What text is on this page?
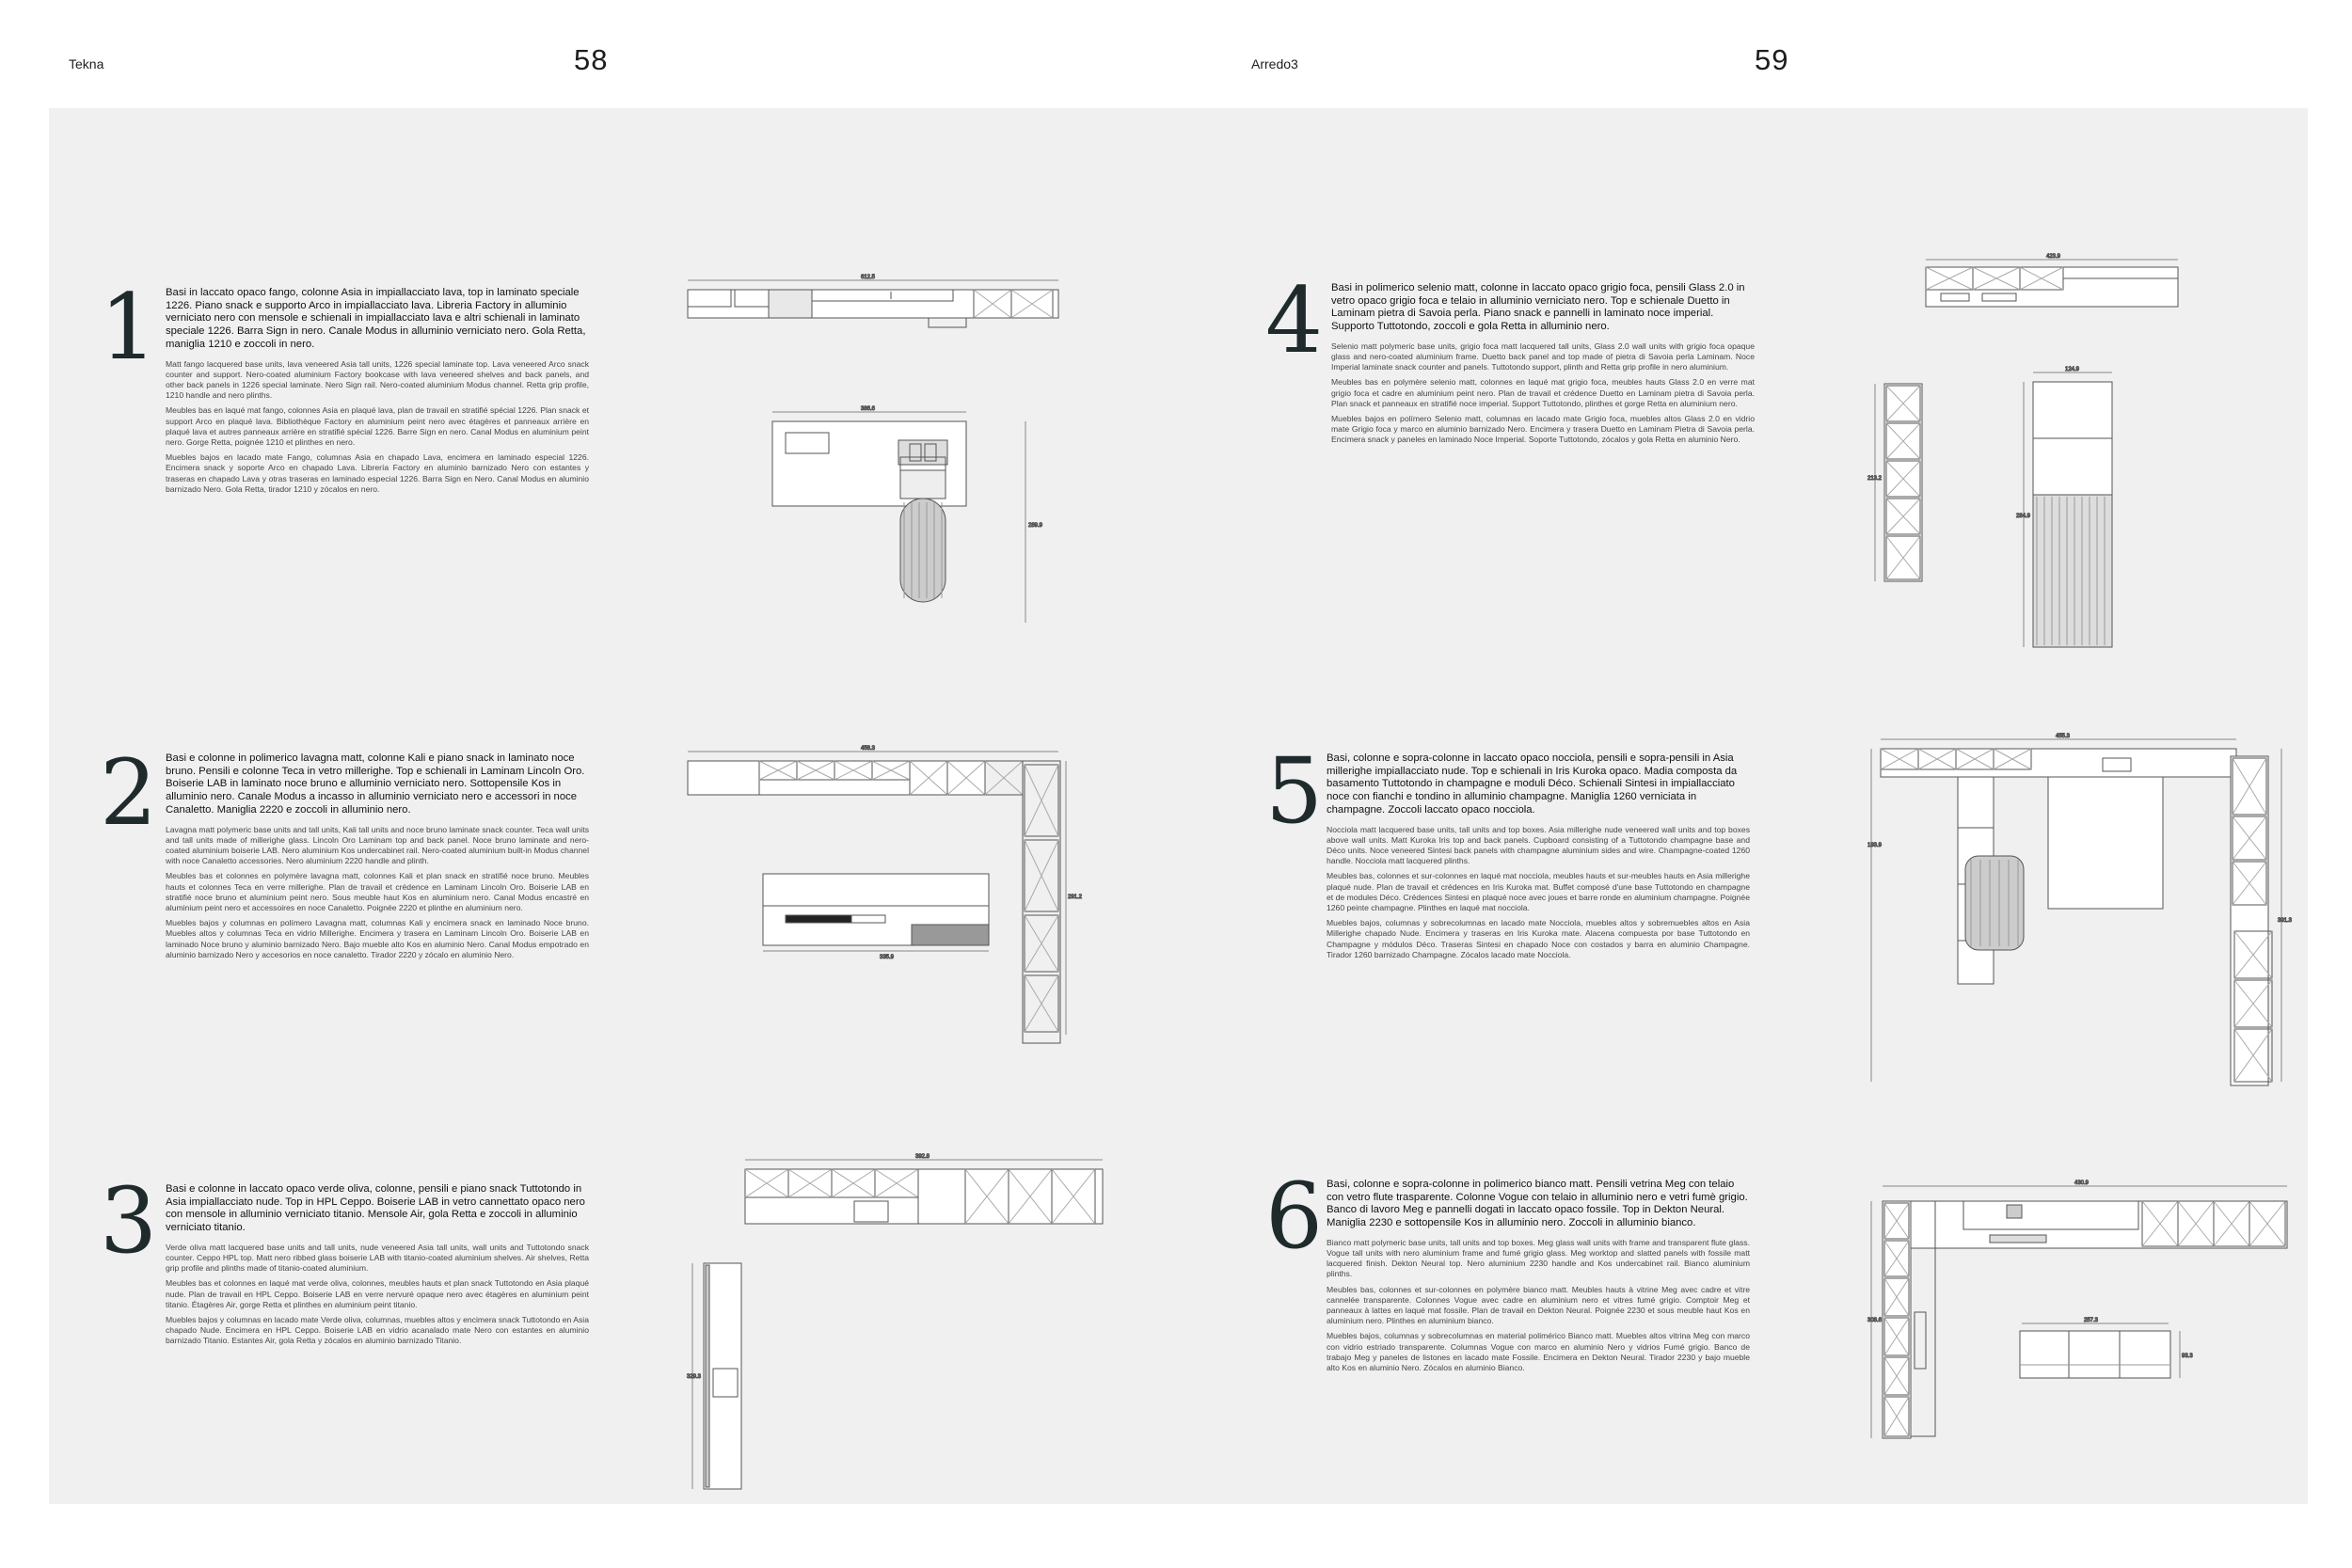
Tekna	58	Arredo3	59
1 Basi in laccato opaco fango, colonne Asia in impiallacciato lava, top in laminato speciale 1226. Piano snack e supporto Arco in impiallacciato lava. Libreria Factory in alluminio verniciato nero con mensole e schienali in impiallacciato lava e altri schienali in laminato speciale 1226. Barra Sign in nero. Canale Modus in alluminio verniciato nero. Gola Retta, maniglia 1210 e zoccoli in nero.

Matt fango lacquered base units, lava veneered Asia tall units, 1226 special laminate top. Lava veneered Arco snack counter and support. Nero-coated aluminium Factory bookcase with lava veneered shelves and back panels, and other back panels in 1226 special laminate. Nero Sign rail. Nero-coated aluminium Modus channel. Retta grip profile, 1210 handle and nero plinths.

Meubles bas en laqué mat fango, colonnes Asia en plaqué lava, plan de travail en stratifié spécial 1226. Plan snack et support Arco en plaqué lava. Bibliothèque Factory en aluminium peint nero avec étagères et panneaux arrière en plaqué lava et autres panneaux arrière en stratifié spécial 1226. Barre Sign en nero. Canal Modus en aluminium peint nero. Gorge Retta, poignée 1210 et plinthes en nero.

Muebles bajos en lacado mate Fango, columnas Asia en chapado Lava, encimera en laminado especial 1226. Encimera snack y soporte Arco en chapado Lava. Librería Factory en aluminio barnizado Nero con estantes y traseras en chapado Lava y otras traseras en laminado especial 1226. Barra Sign en Nero. Canal Modus en aluminio barnizado Nero. Gola Retta, tirador 1210 y zócalos en nero.

612.5
386.6
289.9
2 Basi e colonne in polimerico lavagna matt, colonne Kali e piano snack in laminato noce bruno. Pensili e colonne Teca in vetro millerighe. Top e schienali in Laminam Lincoln Oro. Boiserie LAB in laminato noce bruno e alluminio verniciato nero. Sottopensile Kos in alluminio nero. Canale Modus a incasso in alluminio verniciato nero e accessori in noce Canaletto. Maniglia 2220 e zoccoli in alluminio nero.

Lavagna matt polymeric base units and tall units, Kali tall units and noce bruno laminate snack counter. Teca wall units and tall units made of millerighe glass. Lincoln Oro Laminam top and back panel. Noce bruno laminate and nero-coated aluminium boiserie LAB. Nero aluminium Kos undercabinet rail. Nero-coated aluminium built-in Modus channel with noce Canaletto accessories. Nero aluminium 2220 handle and plinth.

Meubles bas et colonnes en polymère lavagna matt, colonnes Kali et plan snack en stratifié noce bruno. Meubles hauts et colonnes Teca en verre millerighe. Plan de travail et crédence en Laminam Lincoln Oro. Boiserie LAB en stratifié noce bruno et aluminium peint nero. Sous meuble haut Kos en aluminium nero. Canal Modus encastré en aluminium peint nero et accessoires en noce Canaletto. Poignée 2220 et plinthe en aluminium nero.

Muebles bajos y columnas en polímero Lavagna matt, columnas Kali y encimera snack en laminado Noce bruno. Muebles altos y columnas Teca en vidrio Millerighe. Encimera y trasera en Laminam Lincoln Oro. Boiserie LAB en laminado Noce bruno y aluminio barnizado Nero. Bajo mueble alto Kos en aluminio Nero. Canal Modus empotrado en aluminio barnizado Nero y accesorios en noce canaletto. Tirador 2220 y zócalo en aluminio Nero.

458.3
291.2
335.9
3 Basi e colonne in laccato opaco verde oliva, colonne, pensili e piano snack Tuttotondo in Asia impiallacciato nude. Top in HPL Ceppo. Boiserie LAB in vetro cannettato opaco nero con mensole in alluminio verniciato titanio. Mensole Air, gola Retta e zoccoli in alluminio verniciato titanio.

Verde oliva matt lacquered base units and tall units, nude veneered Asia tall units, wall units and Tuttotondo snack counter. Ceppo HPL top. Matt nero ribbed glass boiserie LAB with titanio-coated aluminium shelves. Air shelves, Retta grip profile and plinths made of titanio-coated aluminium.

Meubles bas et colonnes en laqué mat verde oliva, colonnes, meubles hauts et plan snack Tuttotondo en Asia plaqué nude. Plan de travail en HPL Ceppo. Boiserie LAB en verre nervuré opaque nero avec étagères en aluminium peint titanio. Étagères Air, gorge Retta et plinthes en aluminium peint titanio.

Muebles bajos y columnas en lacado mate Verde oliva, columnas, muebles altos y encimera snack Tuttotondo en Asia chapado Nude. Encimera en HPL Ceppo. Boiserie LAB en vidrio acanalado mate Nero con estantes en aluminio barnizado Titanio. Estantes Air, gola Retta y zócalos en aluminio barnizado Titanio.

392.8
329.3
4 Basi in polimerico selenio matt, colonne in laccato opaco grigio foca, pensili Glass 2.0 in vetro opaco grigio foca e telaio in alluminio verniciato nero. Top e schienale Duetto in Laminam pietra di Savoia perla. Piano snack e pannelli in laminato noce imperial. Supporto Tuttotondo, zoccoli e gola Retta in alluminio nero.

Selenio matt polymeric base units, grigio foca matt lacquered tall units, Glass 2.0 wall units with grigio foca opaque glass and nero-coated aluminium frame. Duetto back panel and top made of pietra di Savoia perla Laminam. Noce Imperial laminate snack counter and panels. Tuttotondo support, plinth and Retta grip profile in nero aluminium.

Meubles bas en polymère selenio matt, colonnes en laqué mat grigio foca, meubles hauts Glass 2.0 en verre mat grigio foca et cadre en aluminium peint nero. Plan de travail et crédence Duetto en Laminam pietra di Savoia perla. Plan snack et panneaux en stratifié noce imperial. Support Tuttotondo, plinthes et gorge Retta en aluminium nero.

Muebles bajos en polímero Selenio matt, columnas en lacado mate Grigio foca, muebles altos Glass 2.0 en vidrio mate Grigio foca y marco en aluminio barnizado Nero. Encimera y trasera Duetto en Laminam Pietra di Savoia perla. Encimera snack y paneles en laminado Noce Imperial. Soporte Tuttotondo, zócalos y gola Retta en aluminio Nero.

423.9
213.2
124.9
284.9
5 Basi, colonne e sopra-colonne in laccato opaco nocciola, pensili e sopra-pensili in Asia millerighe impiallacciato nude. Top e schienali in Iris Kuroka opaco. Madia composta da basamento Tuttotondo in champagne e moduli Déco. Schienali Sintesi in impiallacciato noce con fianchi e tondino in alluminio champagne. Maniglia 1260 verniciata in champagne. Zoccoli laccato opaco nocciola.

Nocciola matt lacquered base units, tall units and top boxes. Asia millerighe nude veneered wall units and top boxes above wall units. Matt Kuroka Iris top and back panels. Cupboard consisting of a Tuttotondo champagne base and Déco units. Noce veneered Sintesi back panels with champagne aluminium sides and wire. Champagne-coated 1260 handle. Nocciola matt lacquered plinths.

Meubles bas, colonnes et sur-colonnes en laqué mat nocciola, meubles hauts et sur-meubles hauts en Asia millerighe plaqué nude. Plan de travail et crédences en Iris Kuroka mat. Buffet composé d'une base Tuttotondo en champagne et de modules Déco. Crédences Sintesi en plaqué noce avec joues et barre ronde en aluminium champagne. Poignée 1260 peinte champagne. Plinthes en laqué mat nocciola.

Muebles bajos, columnas y sobrecolumnas en lacado mate Nocciola, muebles altos y sobremuebles altos en Asia Millerighe chapado Nude. Encimera y traseras en Iris Kuroka mate. Alacena compuesta por base Tuttotondo en Champagne y módulos Déco. Traseras Sintesi en chapado Noce con costados y barra en aluminio Champagne. Tirador 1260 barnizado Champagne. Zócalos lacado mate Nocciola.

455.3
193.9
391.3
6 Basi, colonne e sopra-colonne in polimerico bianco matt. Pensili vetrina Meg con telaio con vetro flute trasparente. Colonne Vogue con telaio in alluminio nero e vetri fumè grigio. Banco di lavoro Meg e pannelli dogati in laccato opaco fossile. Top in Dekton Neural. Maniglia 2230 e sottopensile Kos in alluminio nero. Zoccoli in alluminio bianco.

Bianco matt polymeric base units, tall units and top boxes. Meg glass wall units with frame and transparent flute glass. Vogue tall units with nero aluminium frame and fumé grigio glass. Meg worktop and slatted panels with fossile matt lacquered finish. Dekton Neural top. Nero aluminium 2230 handle and Kos undercabinet rail. Bianco aluminium plinths.

Meubles bas, colonnes et sur-colonnes en polymère bianco matt. Meubles hauts à vitrine Meg avec cadre et vitre cannelée transparente. Colonnes Vogue avec cadre en aluminium nero et vitres fumé grigio. Comptoir Meg et panneaux à lattes en laqué mat fossile. Plan de travail en Dekton Neural. Poignée 2230 et sous meuble haut Kos en aluminium nero. Plinthes en aluminium bianco.

Muebles bajos, columnas y sobrecolumnas en material polimérico Bianco matt. Muebles altos vitrina Meg con marco con vidrio estriado transparente. Columnas Vogue con marco en aluminio Nero y vidrios Fumé grigio. Banco de trabajo Meg y paneles de listones en lacado mate Fossile. Encimera en Dekton Neural. Tirador 2230 y bajo mueble alto Kos en aluminio Nero. Zócalos en aluminio Bianco.

430.9
308.6	257.3
93.3
